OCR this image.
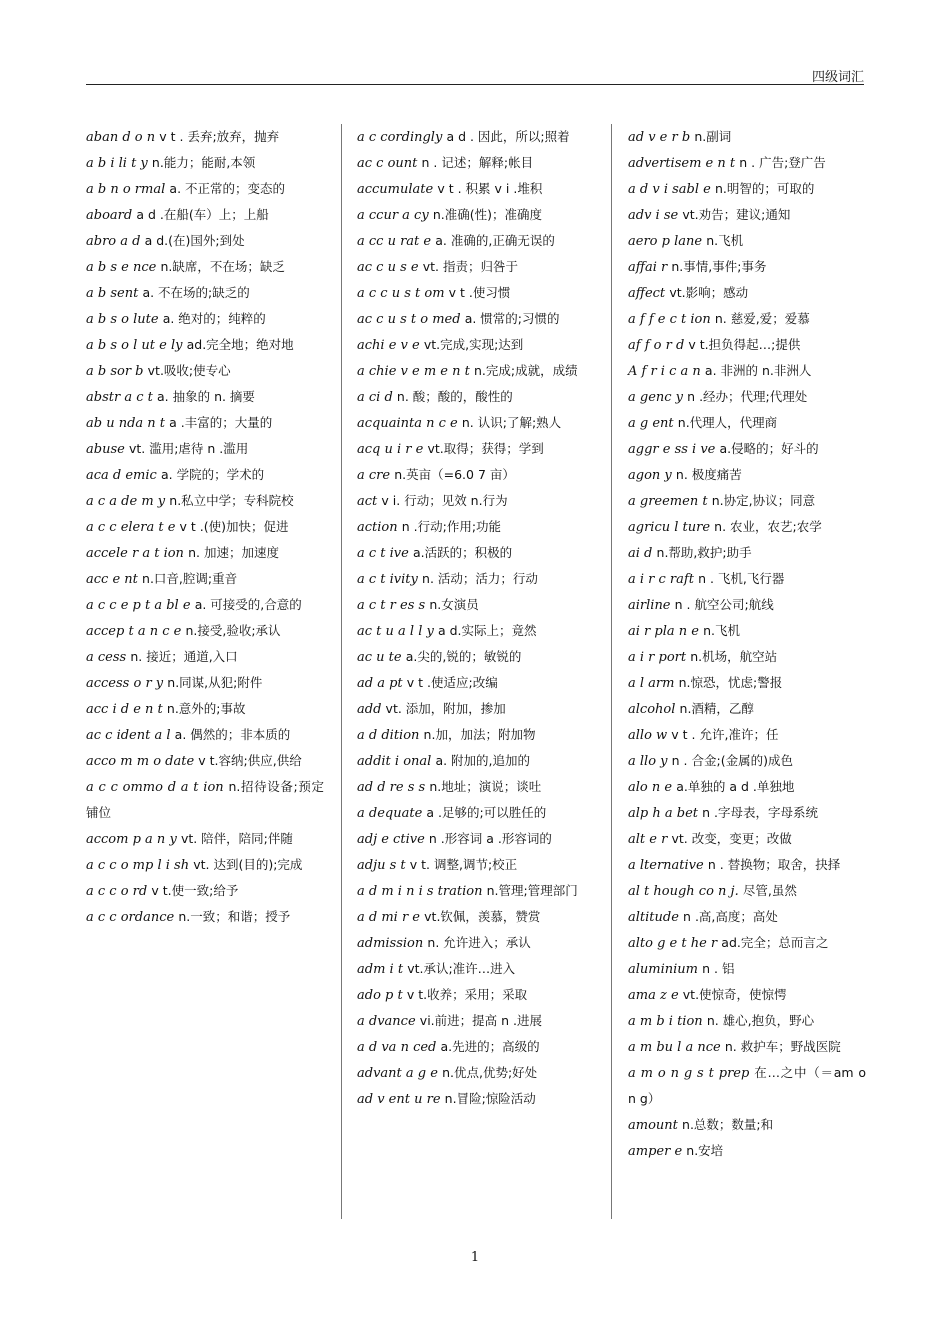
四级词汇
aban d o n v t . 丢弃;放弃，抛弃
a b i li t y n.能力；能耐,本领
a b n o rmal a. 不正常的；变态的
aboard a d .在船(车）上；上船
abro a d a d.(在)国外;到处
a b s e nce n.缺席，不在场；缺乏
a b sent a. 不在场的;缺乏的
a b s o lute a. 绝对的；纯粹的
a b s o l ut e ly ad.完全地；绝对地
a b sor b vt.吸收;使专心
abstr a c t a. 抽象的 n. 摘要
ab u nda n t a .丰富的；大量的
abuse vt. 滥用;虐待 n .滥用
aca d emic a. 学院的；学术的
a c a de m y n.私立中学；专科院校
a c c elera t e v t .(使)加快；促进
accele r a t ion n. 加速；加速度
acc e nt n.口音,腔调;重音
a c c e p t a bl e a. 可接受的,合意的
accep t a n c e n.接受,验收;承认
a cess n. 接近；通道,入口
access o r y n.同谋,从犯;附件
acc i d e n t n.意外的;事故
ac c ident a l a. 偶然的；非本质的
acco m m o date v t.容纳;供应,供给
a c c ommo d a t ion n.招待设备;预定铺位
accom p a n y vt. 陪伴，陪同;伴随
a c c o mp l i sh vt. 达到(目的);完成
a c c o rd v t.使一致;给予
a c c ordance n.一致；和谐；授予
a c cordingly a d . 因此，所以;照着
ac c ount n . 记述；解释;帐目
accumulate v t . 积累 v i .堆积
a ccur a cy n.准确(性)；准确度
a cc u rat e a. 准确的,正确无误的
ac c u s e vt. 指责；归咎于
a c c u s t om v t .使习惯
ac c u s t o med a. 惯常的;习惯的
achi e v e vt.完成,实现;达到
a chie v e m e n t n.完成;成就，成绩
a ci d n. 酸；酸的，酸性的
acquainta n c e n. 认识;了解;熟人
acq u i r e vt.取得；获得；学到
a cre n.英亩（=6.0 7 亩）
act v i. 行动；见效 n.行为
action n .行动;作用;功能
a c t ive a.活跃的；积极的
a c t ivity n. 活动；活力；行动
a c t r es s n.女演员
ac t u a l l y a d.实际上；竟然
ac u te a.尖的,锐的；敏锐的
ad a pt v t .使适应;改编
add vt. 添加，附加，掺加
a d dition n.加，加法；附加物
addit i onal a. 附加的,追加的
ad d re s s n.地址；演说；谈吐
a dequate a .足够的;可以胜任的
adj e ctive n .形容词 a .形容词的
adju s t v t. 调整,调节;校正
a d m i n i s tration n.管理;管理部门
a d mi r e vt.钦佩，羡慕，赞赏
admission n. 允许进入；承认
adm i t vt.承认;准许…进入
ado p t v t.收养；采用；采取
a dvance vi.前进；提高 n .进展
a d va n ced a.先进的；高级的
advant a g e n.优点,优势;好处
ad v ent u re n.冒险;惊险活动
ad v e r b n.副词
advertisem e n t n . 广告;登广告
a d v i sabl e n.明智的；可取的
adv i se vt.劝告；建议;通知
aero p lane n.飞机
affai r n.事情,事件;事务
affect vt.影响；感动
a f f e c t ion n. 慈爱,爱；爱慕
af f o r d v t.担负得起…;提供
A f r i c a n a. 非洲的 n.非洲人
a genc y n .经办；代理;代理处
a g ent n.代理人，代理商
aggr e ss i ve a.侵略的；好斗的
agon y n. 极度痛苦
a greemen t n.协定,协议；同意
agricu l ture n. 农业，农艺;农学
ai d n.帮助,救护;助手
a i r c raft n . 飞机,飞行器
airline n . 航空公司;航线
ai r pla n e n.飞机
a i r port n.机场，航空站
a l arm n.惊恐，忧虑;警报
alcohol n.酒精，乙醇
allo w v t . 允许,准许；任
a llo y n . 合金;(金属的)成色
alo n e a.单独的 a d .单独地
alp h a bet n .字母表，字母系统
alt e r vt. 改变，变更；改做
a lternative n . 替换物；取舍，抉择
al t hough co n j. 尽管,虽然
altitude n .高,高度；高处
alto g e t he r ad.完全；总而言之
aluminium n . 铝
ama z e vt.使惊奇，使惊愕
a m b i tion n. 雄心,抱负，野心
a m bu l a nce n. 救护车；野战医院
a m o n g s t prep 在…之中（＝am o n g）
amount n.总数；数量;和
amper e n.安培
1
